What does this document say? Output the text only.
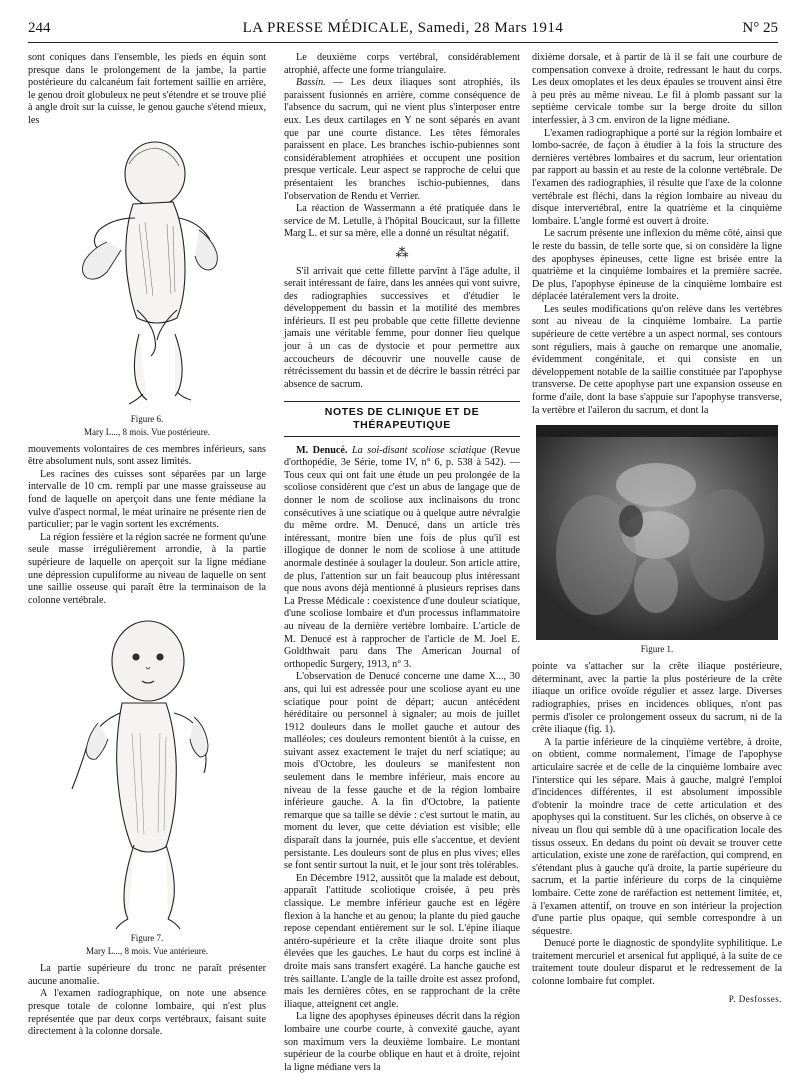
244	LA PRESSE MÉDICALE, Samedi, 28 Mars 1914	N° 25

sont coniques dans l'ensemble, les pieds en équin sont presque dans le prolongement de la jambe, la partie postérieure du calcanéum fait fortement saillie en arrière, le genou droit globuleux ne peut s'étendre et se trouve plié à angle droit sur la cuisse, le genou gauche s'étend mieux, les

Figure 6.
Mary L..., 8 mois. Vue postérieure.

mouvements volontaires de ces membres inférieurs, sans être absolument nuls, sont assez limités.

Les racines des cuisses sont séparées par un large intervalle de 10 cm. rempli par une masse graisseuse au fond de laquelle on aperçoit dans une fente médiane la vulve d'aspect normal, le méat urinaire ne présente rien de particulier; par le vagin sortent les excréments.

La région fessière et la région sacrée ne forment qu'une seule masse irrégulièrement arrondie, à la partie supérieure de laquelle on aperçoit sur la ligne médiane une dépression cupuliforme au niveau de laquelle on sent une saillie osseuse qui paraît être la terminaison de la colonne vertébrale.

Figure 7.
Mary L..., 8 mois. Vue antérieure.

La partie supérieure du tronc ne paraît présenter aucune anomalie.

A l'examen radiographique, on note une absence presque totale de colonne lombaire, qui n'est plus représentée que par deux corps vertébraux, faisant suite directement à la colonne dorsale.

Le deuxième corps vertébral, considérablement atrophié, affecte une forme triangulaire.

Bassin. — Les deux iliaques sont atrophiés, ils paraissent fusionnés en arrière, comme conséquence de l'absence du sacrum, qui ne vient plus s'interposer entre eux. Les deux cartilages en Y ne sont séparés en avant que par une courte distance. Les têtes fémorales paraissent en place. Les branches ischio-pubiennes sont considérablement atrophiées et occupent une position presque verticale. Leur aspect se rapproche de celui que présentaient les branches ischio-pubiennes, dans l'observation de Rendu et Verrier.

La réaction de Wassermann a été pratiquée dans le service de M. Letulle, à l'hôpital Boucicaut, sur la fillette Marg L. et sur sa mère, elle a donné un résultat négatif.

⁂

S'il arrivait que cette fillette parvînt à l'âge adulte, il serait intéressant de faire, dans les années qui vont suivre, des radiographies successives et d'étudier le développement du bassin et la motilité des membres inférieurs. Il est peu probable que cette fillette devienne jamais une véritable femme, pour donner lieu quelque jour à un cas de dystocie et pour permettre aux accoucheurs de découvrir une nouvelle cause de rétrécissement du bassin et de décrire le bassin rétréci par absence de sacrum.

NOTES DE CLINIQUE ET DE THÉRAPEUTIQUE

M. Denucé. La soi-disant scoliose sciatique (Revue d'orthopédie, 3e Série, tome IV, n° 6, p. 538 à 542). — Tous ceux qui ont fait une étude un peu prolongée de la scoliose considèrent que c'est un abus de langage que de donner le nom de scoliose aux inclinaisons du tronc consécutives à une sciatique ou à quelque autre névralgie du même ordre. M. Denucé, dans un article très intéressant, montre bien une fois de plus qu'il est illogique de donner le nom de scoliose à une attitude anormale destinée à soulager la douleur. Son article attire, de plus, l'attention sur un fait beaucoup plus intéressant que nous avons déjà mentionné à plusieurs reprises dans La Presse Médicale : coexistence d'une douleur sciatique, d'une scoliose lombaire et d'un processus inflammatoire au niveau de la dernière vertèbre lombaire. L'article de M. Denucé est à rapprocher de l'article de M. Joel E. Goldthwait paru dans The American Journal of orthopedic Surgery, 1913, n° 3.

L'observation de Denucé concerne une dame X..., 30 ans, qui lui est adressée pour une scoliose ayant eu une sciatique pour point de départ; aucun antécédent héréditaire ou personnel à signaler; au mois de juillet 1912 douleurs dans le mollet gauche et autour des malléoles; ces douleurs remontent bientôt à la cuisse, en suivant assez exactement le trajet du nerf sciatique; au mois d'Octobre, les douleurs se manifestent non seulement dans le membre inférieur, mais encore au niveau de la fesse gauche et de la région lombaire inférieure gauche. A la fin d'Octobre, la patiente remarque que sa taille se dévie : c'est surtout le matin, au moment du lever, que cette déviation est visible; elle disparaît dans la journée, puis elle s'accentue, et devient persistante. Les douleurs sont de plus en plus vives; elles se font sentir surtout la nuit, et le jour sont très tolérables.

En Décembre 1912, aussitôt que la malade est debout, apparaît l'attitude scoliotique croisée, à peu près classique. Le membre inférieur gauche est en légère flexion à la hanche et au genou; la plante du pied gauche repose cependant entièrement sur le sol. L'épine iliaque antéro-supérieure et la crête iliaque droite sont plus élevées que les gauches. Le haut du corps est incliné à droite mais sans transfert exagéré. La hanche gauche est très saillante. L'angle de la taille droite est assez profond, mais les dernières côtes, en se rapprochant de la crête iliaque, atteignent cet angle.

La ligne des apophyses épineuses décrit dans la région lombaire une courbe courte, à convexité gauche, ayant son maximum vers la deuxième lombaire. Le montant supérieur de la courbe oblique en haut et à droite, rejoint la ligne médiane vers la

dixième dorsale, et à partir de là il se fait une courbure de compensation convexe à droite, redressant le haut du corps. Les deux omoplates et les deux épaules se trouvent ainsi être à peu près au même niveau. Le fil à plomb passant sur la septième cervicale tombe sur la berge droite du sillon interfessier, à 3 cm. environ de la ligne médiane.

L'examen radiographique a porté sur la région lombaire et lombo-sacrée, de façon à étudier à la fois la structure des dernières vertèbres lombaires et du sacrum, leur orientation par rapport au bassin et au reste de la colonne vertébrale. De l'examen des radiographies, il résulte que l'axe de la colonne vertébrale est fléchi, dans la région lombaire au niveau du disque intervertébral, entre la quatrième et la cinquième lombaire. L'angle formé est ouvert à droite.

Le sacrum présente une inflexion du même côté, ainsi que le reste du bassin, de telle sorte que, si on considère la ligne des apophyses épineuses, cette ligne est brisée entre la quatrième et la cinquième lombaires et la première sacrée. De plus, l'apophyse épineuse de la cinquième lombaire est déplacée latéralement vers la droite.

Les seules modifications qu'on relève dans les vertèbres sont au niveau de la cinquième lombaire. La partie supérieure de cette vertèbre a un aspect normal, ses contours sont réguliers, mais à gauche on remarque une anomalie, évidemment congénitale, et qui consiste en un développement notable de la saillie constituée par l'apophyse transverse. De cette apophyse part une expansion osseuse en forme d'aile, dont la base s'appuie sur l'apophyse transverse, la vertèbre et l'aileron du sacrum, et dont la

Figure 1.

pointe va s'attacher sur la crête iliaque postérieure, déterminant, avec la partie la plus postérieure de la crête iliaque un orifice ovoïde régulier et assez large. Diverses radiographies, prises en incidences obliques, n'ont pas permis d'isoler ce prolongement osseux du sacrum, ni de la crête iliaque (fig. 1).

A la partie inférieure de la cinquième vertèbre, à droite, on obtient, comme normalement, l'image de l'apophyse articulaire sacrée et de celle de la cinquième lombaire avec l'interstice qui les sépare. Mais à gauche, malgré l'emploi d'incidences différentes, il est absolument impossible d'obtenir la moindre trace de cette articulation et des apophyses qui la constituent. Sur les clichés, on observe à ce niveau un flou qui semble dû à une opacification locale des tissus osseux. En dedans du point où devait se trouver cette articulation, existe une zone de raréfaction, qui comprend, en s'étendant plus à gauche qu'à droite, la partie supérieure du sacrum, et la partie inférieure du corps de la cinquième lombaire. Cette zone de raréfaction est nettement limitée, et, à l'examen attentif, on trouve en son intérieur la projection d'une partie plus opaque, qui semble correspondre à un séquestre.

Denucé porte le diagnostic de spondylite syphilitique. Le traitement mercuriel et arsenical fut appliqué, à la suite de ce traitement toute douleur disparut et le redressement de la colonne lombaire fut complet.

P. Desfosses.
